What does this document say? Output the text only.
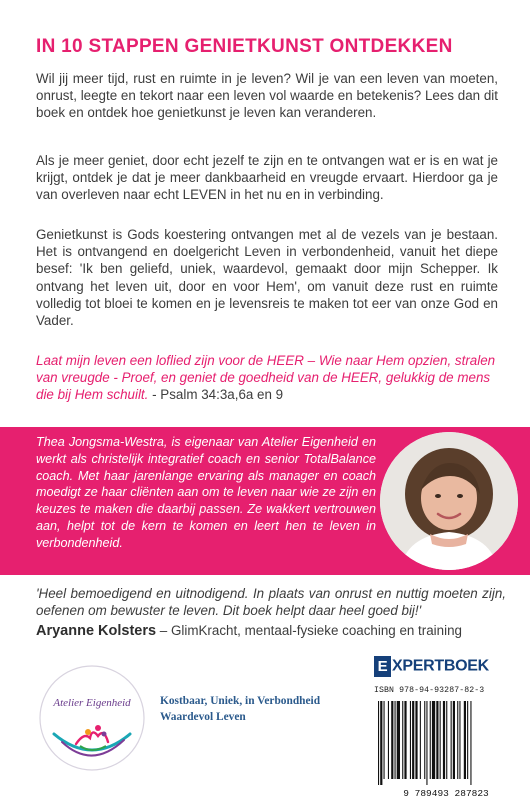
IN 10 STAPPEN GENIETKUNST ONTDEKKEN

Wil jij meer tijd, rust en ruimte in je leven? Wil je van een leven van moeten, onrust, leegte en tekort naar een leven vol waarde en betekenis? Lees dan dit boek en ontdek hoe genietkunst je leven kan veranderen.

Als je meer geniet, door echt jezelf te zijn en te ontvangen wat er is en wat je krijgt, ontdek je dat je meer dankbaarheid en vreugde ervaart. Hierdoor ga je van overleven naar echt LEVEN in het nu en in verbinding.

Genietkunst is Gods koestering ontvangen met al de vezels van je bestaan. Het is ontvangend en doelgericht Leven in verbondenheid, vanuit het diepe besef: 'Ik ben geliefd, uniek, waardevol, gemaakt door mijn Schepper. Ik ontvang het leven uit, door en voor Hem', om vanuit deze rust en ruimte volledig tot bloei te komen en je levensreis te maken tot eer van onze God en Vader.

Laat mijn leven een loflied zijn voor de HEER – Wie naar Hem opzien, stralen van vreugde - Proef, en geniet de goedheid van de HEER, gelukkig de mens die bij Hem schuilt. - Psalm 34:3a,6a en 9

Thea Jongsma-Westra, is eigenaar van Atelier Eigenheid en werkt als christelijk integratief coach en senior TotalBalance coach. Met haar jarenlange ervaring als manager en coach moedigt ze haar cliënten aan om te leven naar wie ze zijn en keuzes te maken die daarbij passen. Ze wakkert vertrouwen aan, helpt tot de kern te komen en leert hen te leven in verbondenheid.

'Heel bemoedigend en uitnodigend. In plaats van onrust en nuttig moeten zijn, oefenen om bewuster te leven. Dit boek helpt daar heel goed bij!'

Aryanne Kolsters – GlimKracht, mentaal-fysieke coaching en training

Atelier Eigenheid	Kostbaar, Uniek, in Verbondheid
Waardevol Leven
E XPERTBOEK
ISBN 978-94-93287-82-3
9 789493 287823
